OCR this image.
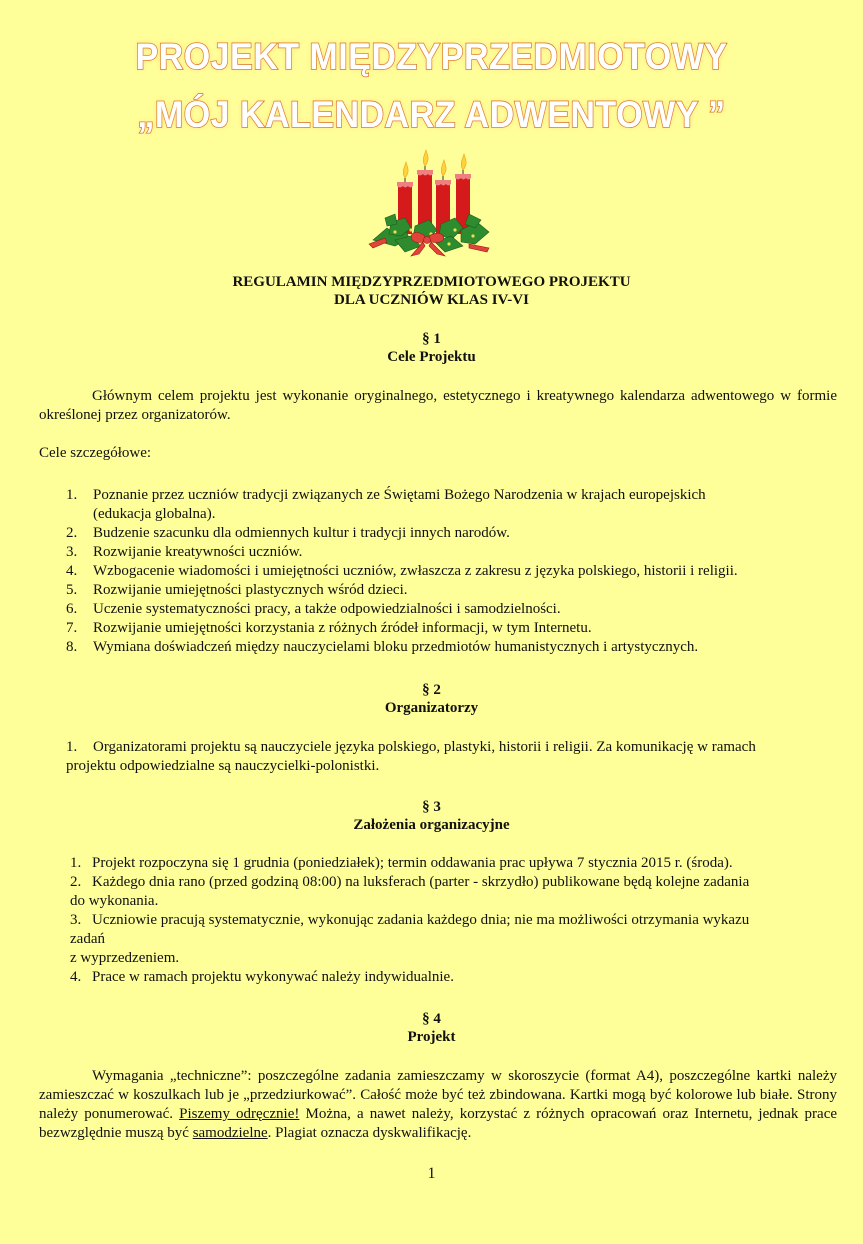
PROJEKT MIĘDZYPRZEDMIOTOWY
„MÓJ KALENDARZ ADWENTOWY ”
REGULAMIN MIĘDZYPRZEDMIOTOWEGO PROJEKTU
DLA UCZNIÓW KLAS IV-VI
§ 1
Cele Projektu
Głównym celem projektu jest wykonanie oryginalnego, estetycznego i kreatywnego kalendarza adwentowego w formie określonej przez organizatorów.
Cele szczegółowe:
1. Poznanie przez uczniów tradycji związanych ze Świętami Bożego Narodzenia w krajach europejskich
(edukacja globalna).
2. Budzenie szacunku dla odmiennych kultur i tradycji innych narodów.
3. Rozwijanie kreatywności uczniów.
4. Wzbogacenie wiadomości i umiejętności uczniów, zwłaszcza z zakresu z języka polskiego, historii i religii.
5. Rozwijanie umiejętności plastycznych wśród dzieci.
6. Uczenie systematyczności pracy, a także odpowiedzialności i samodzielności.
7. Rozwijanie umiejętności korzystania z różnych źródeł informacji, w tym Internetu.
8. Wymiana doświadczeń między nauczycielami bloku przedmiotów humanistycznych i artystycznych.
§ 2
Organizatorzy
1. Organizatorami projektu są nauczyciele języka polskiego, plastyki, historii i religii. Za komunikację w ramach
projektu odpowiedzialne są nauczycielki-polonistki.
§ 3
Założenia organizacyjne
1. Projekt rozpoczyna się 1 grudnia (poniedziałek); termin oddawania prac upływa 7 stycznia 2015 r. (środa).
2. Każdego dnia rano (przed godziną 08:00) na luksferach (parter - skrzydło) publikowane będą kolejne zadania
do wykonania.
3. Uczniowie pracują systematycznie, wykonując zadania każdego dnia; nie ma możliwości otrzymania wykazu
zadań
z wyprzedzeniem.
4. Prace w ramach projektu wykonywać należy indywidualnie.
§ 4
Projekt
Wymagania „techniczne”: poszczególne zadania zamieszczamy w skoroszycie (format A4), poszczególne kartki należy zamieszczać w koszulkach lub je „przedziurkować”. Całość może być też zbindowana. Kartki mogą być kolorowe lub białe. Strony należy ponumerować. Piszemy odręcznie! Można, a nawet należy, korzystać z różnych opracowań oraz Internetu, jednak prace bezwzględnie muszą być samodzielne. Plagiat oznacza dyskwalifikację.
1
